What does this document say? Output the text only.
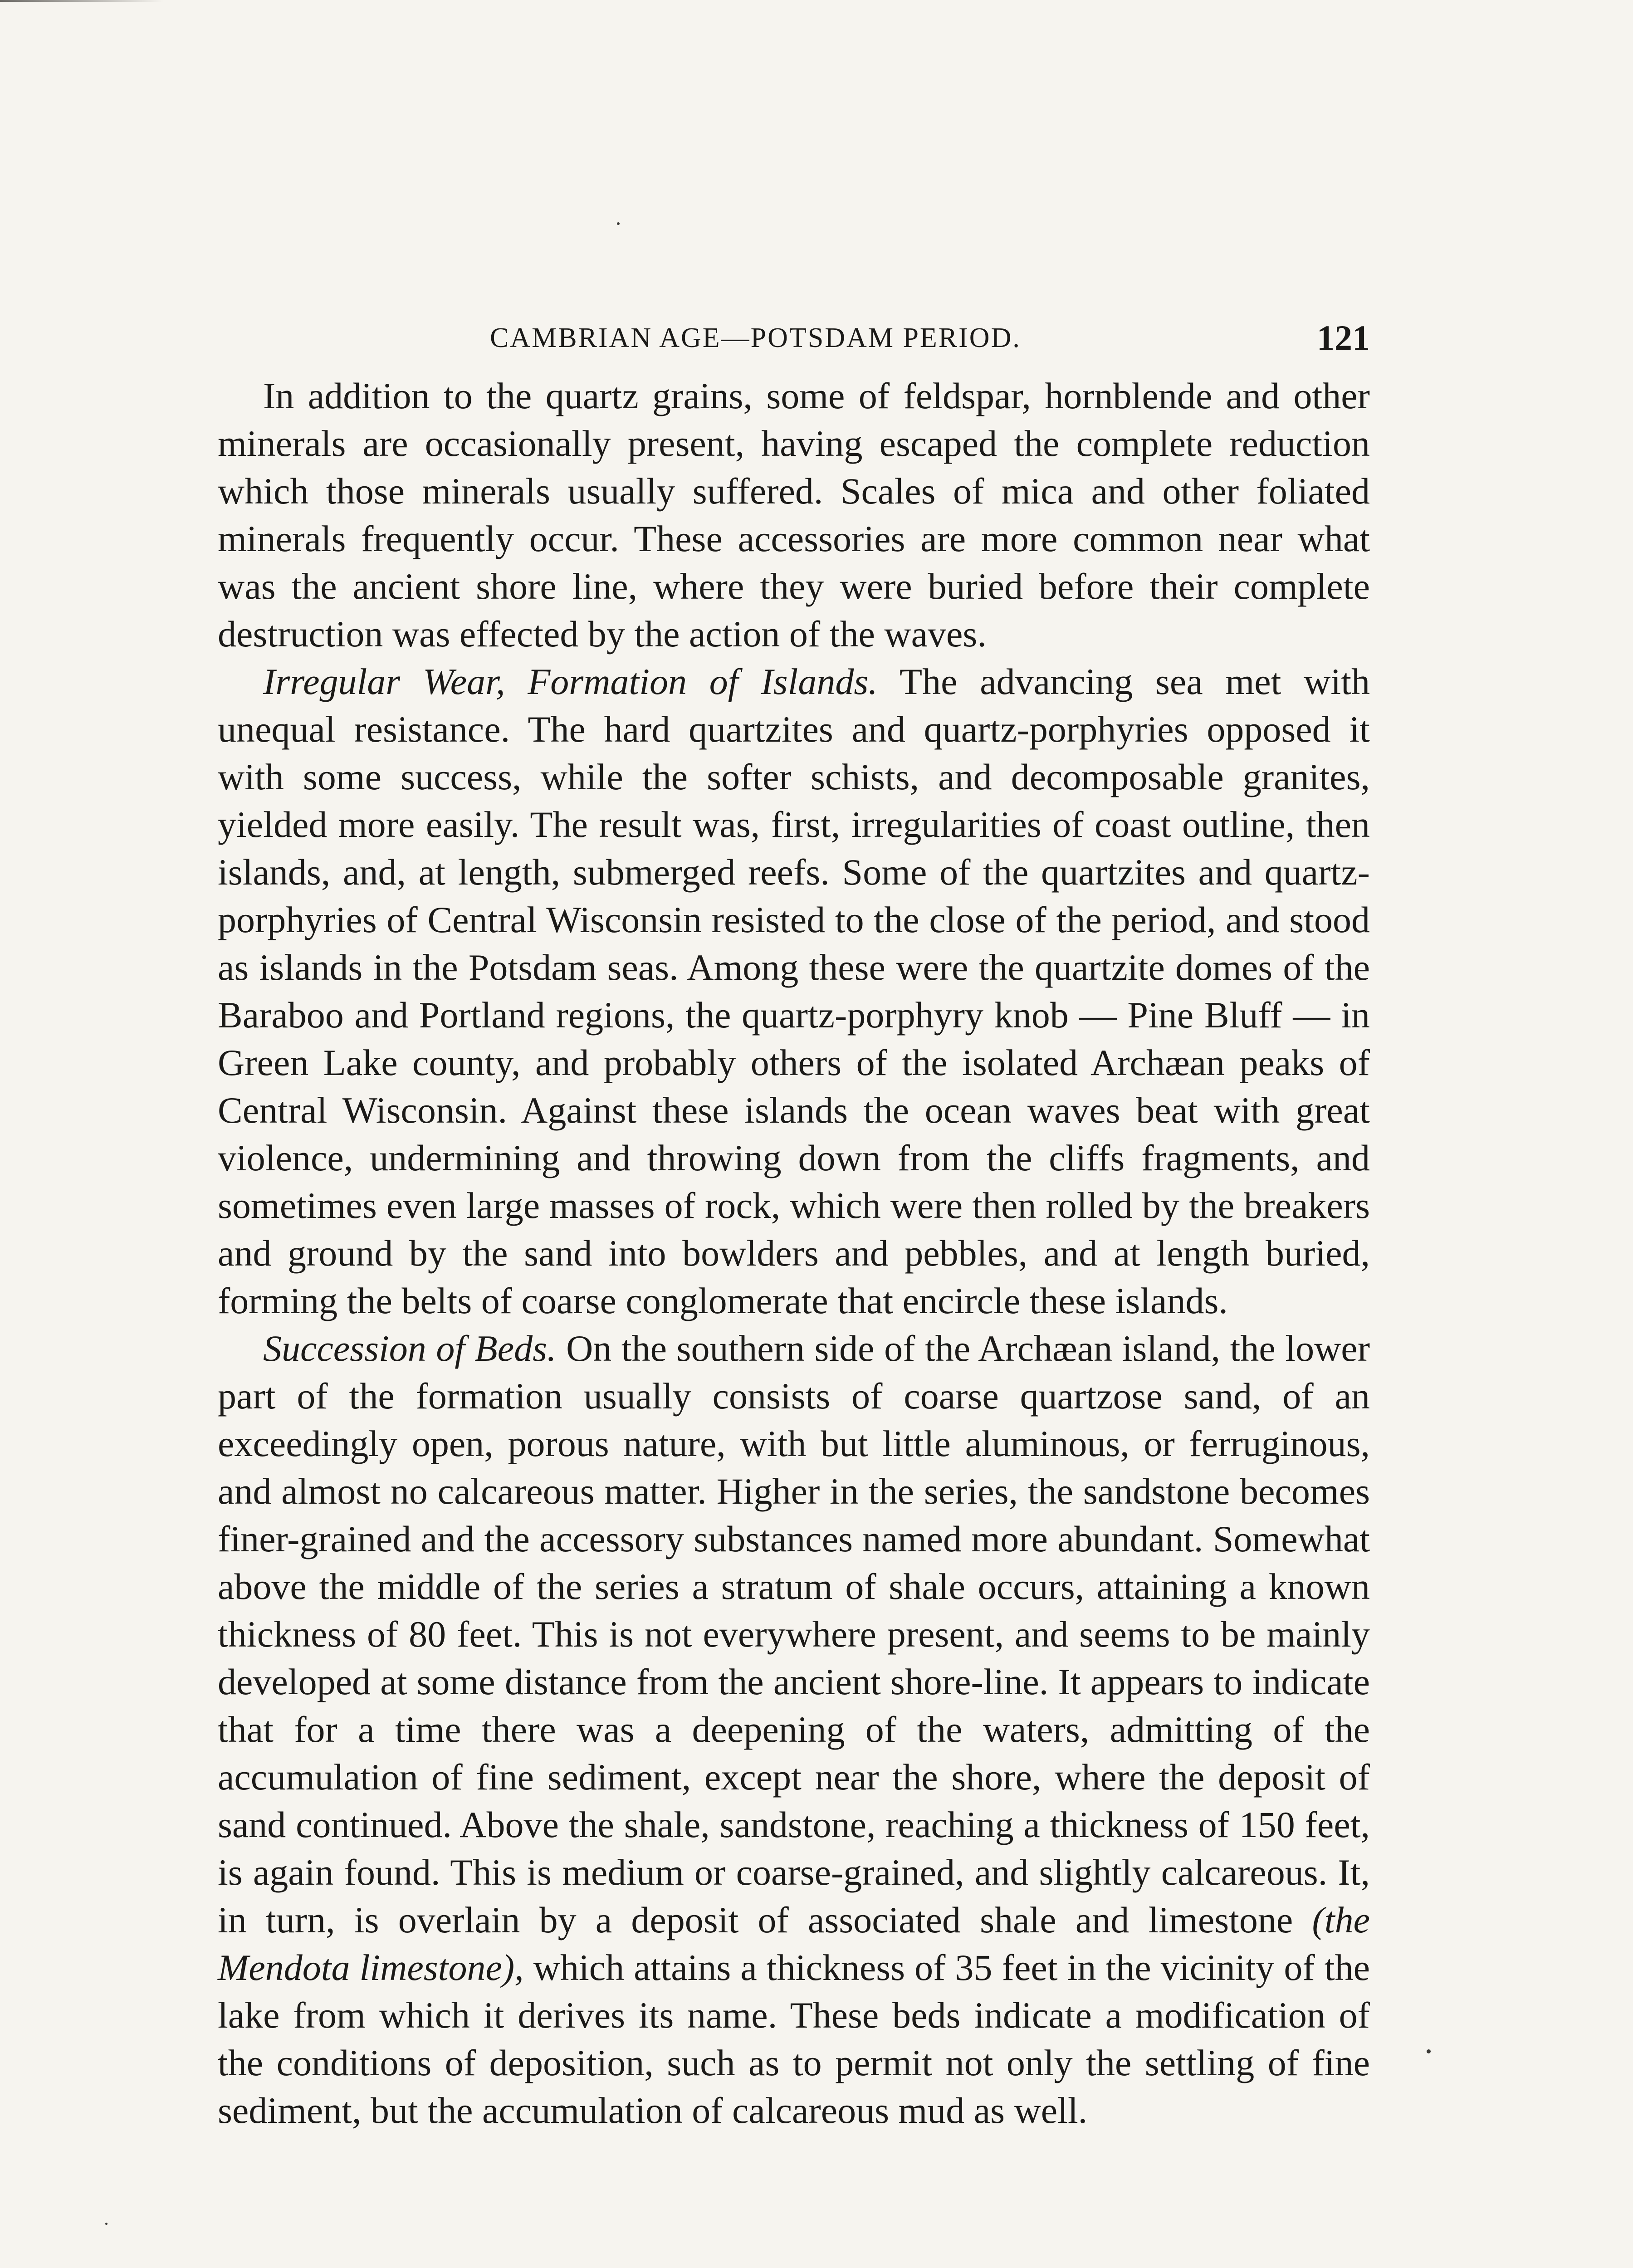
CAMBRIAN AGE—POTSDAM PERIOD.	121

In addition to the quartz grains, some of feldspar, hornblende and other minerals are occasionally present, having escaped the complete reduction which those minerals usually suffered. Scales of mica and other foliated minerals frequently occur. These accessories are more common near what was the ancient shore line, where they were buried before their complete destruction was effected by the action of the waves.

Irregular Wear, Formation of Islands. The advancing sea met with unequal resistance. The hard quartzites and quartz-porphyries opposed it with some success, while the softer schists, and decomposable granites, yielded more easily. The result was, first, irregularities of coast outline, then islands, and, at length, submerged reefs. Some of the quartzites and quartz-porphyries of Central Wisconsin resisted to the close of the period, and stood as islands in the Potsdam seas. Among these were the quartzite domes of the Baraboo and Portland regions, the quartz-porphyry knob — Pine Bluff — in Green Lake county, and probably others of the isolated Archæan peaks of Central Wisconsin. Against these islands the ocean waves beat with great violence, undermining and throwing down from the cliffs fragments, and sometimes even large masses of rock, which were then rolled by the breakers and ground by the sand into bowlders and pebbles, and at length buried, forming the belts of coarse conglomerate that encircle these islands.

Succession of Beds. On the southern side of the Archæan island, the lower part of the formation usually consists of coarse quartzose sand, of an exceedingly open, porous nature, with but little aluminous, or ferruginous, and almost no calcareous matter. Higher in the series, the sandstone becomes finer-grained and the accessory substances named more abundant. Somewhat above the middle of the series a stratum of shale occurs, attaining a known thickness of 80 feet. This is not everywhere present, and seems to be mainly developed at some distance from the ancient shore-line. It appears to indicate that for a time there was a deepening of the waters, admitting of the accumulation of fine sediment, except near the shore, where the deposit of sand continued. Above the shale, sandstone, reaching a thickness of 150 feet, is again found. This is medium or coarse-grained, and slightly calcareous. It, in turn, is overlain by a deposit of associated shale and limestone (the Mendota limestone), which attains a thickness of 35 feet in the vicinity of the lake from which it derives its name. These beds indicate a modification of the conditions of deposition, such as to permit not only the settling of fine sediment, but the accumulation of calcareous mud as well.
